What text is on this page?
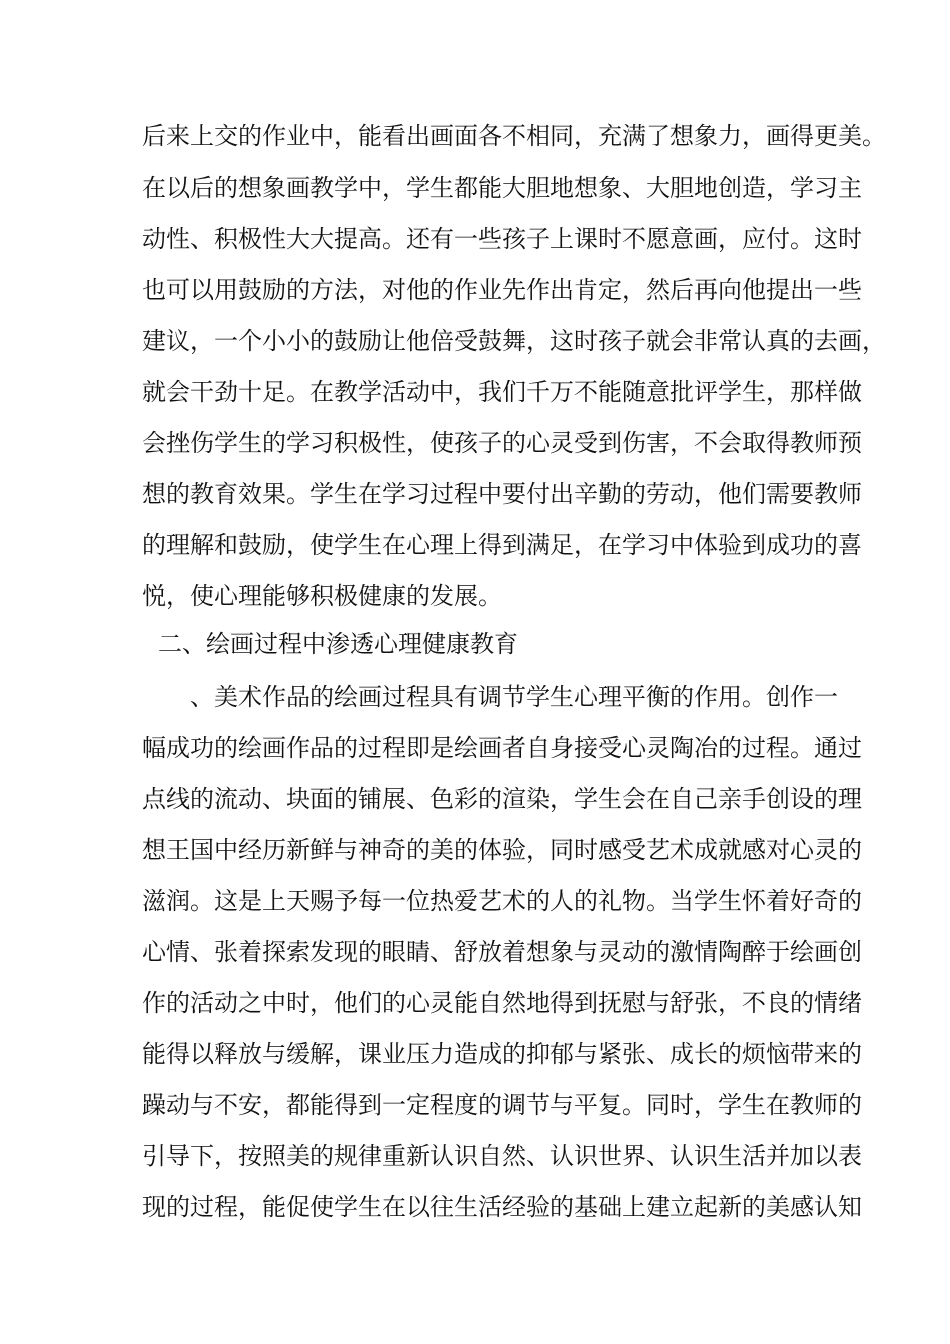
后来上交的作业中，能看出画面各不相同，充满了想象力，画得更美。
在以后的想象画教学中，学生都能大胆地想象、大胆地创造，学习主
动性、积极性大大提高。还有一些孩子上课时不愿意画，应付。这时
也可以用鼓励的方法，对他的作业先作出肯定，然后再向他提出一些
建议，一个小小的鼓励让他倍受鼓舞，这时孩子就会非常认真的去画，
就会干劲十足。在教学活动中，我们千万不能随意批评学生，那样做
会挫伤学生的学习积极性，使孩子的心灵受到伤害，不会取得教师预
想的教育效果。学生在学习过程中要付出辛勤的劳动，他们需要教师
的理解和鼓励，使学生在心理上得到满足，在学习中体验到成功的喜
悦，使心理能够积极健康的发展。
二、绘画过程中渗透心理健康教育
、美术作品的绘画过程具有调节学生心理平衡的作用。创作一
幅成功的绘画作品的过程即是绘画者自身接受心灵陶冶的过程。通过
点线的流动、块面的铺展、色彩的渲染，学生会在自己亲手创设的理
想王国中经历新鲜与神奇的美的体验，同时感受艺术成就感对心灵的
滋润。这是上天赐予每一位热爱艺术的人的礼物。当学生怀着好奇的
心情、张着探索发现的眼睛、舒放着想象与灵动的激情陶醉于绘画创
作的活动之中时，他们的心灵能自然地得到抚慰与舒张，不良的情绪
能得以释放与缓解，课业压力造成的抑郁与紧张、成长的烦恼带来的
躁动与不安，都能得到一定程度的调节与平复。同时，学生在教师的
引导下，按照美的规律重新认识自然、认识世界、认识生活并加以表
现的过程，能促使学生在以往生活经验的基础上建立起新的美感认知
